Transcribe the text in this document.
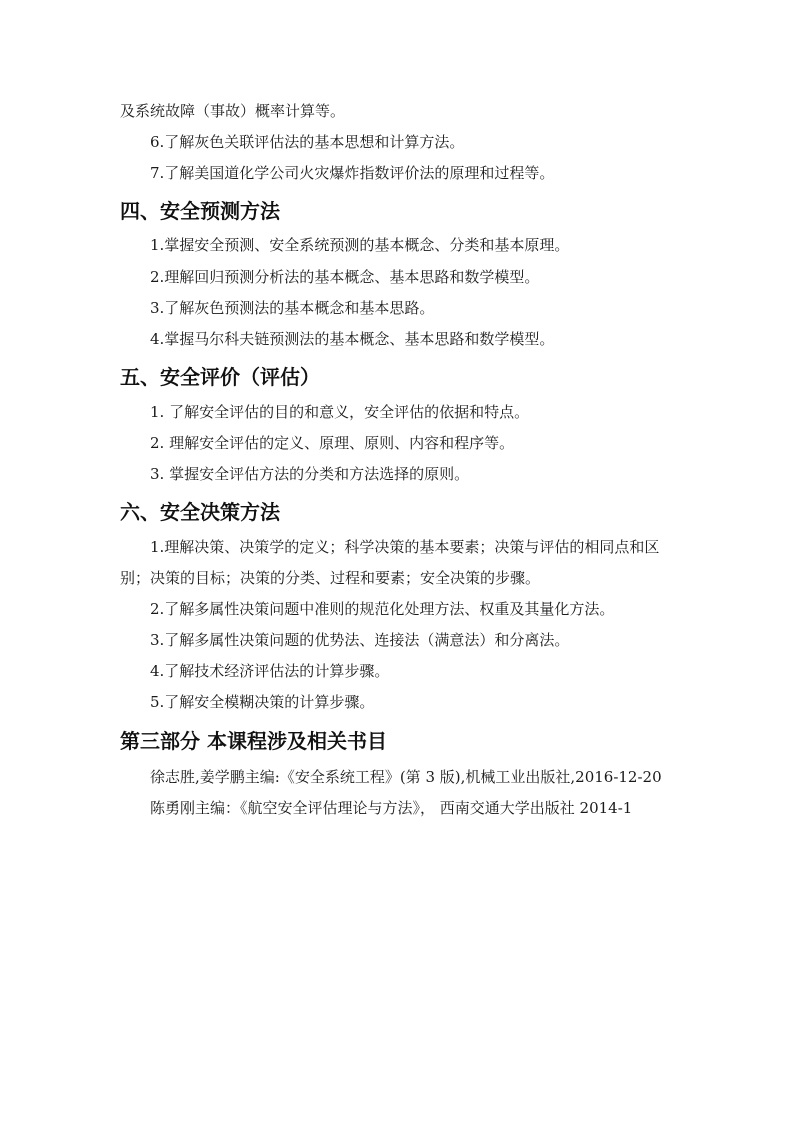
及系统故障（事故）概率计算等。

6.了解灰色关联评估法的基本思想和计算方法。

7.了解美国道化学公司火灾爆炸指数评价法的原理和过程等。

四、安全预测方法

1.掌握安全预测、安全系统预测的基本概念、分类和基本原理。

2.理解回归预测分析法的基本概念、基本思路和数学模型。

3.了解灰色预测法的基本概念和基本思路。

4.掌握马尔科夫链预测法的基本概念、基本思路和数学模型。

五、安全评价（评估）

1. 了解安全评估的目的和意义，安全评估的依据和特点。

2. 理解安全评估的定义、原理、原则、内容和程序等。

3. 掌握安全评估方法的分类和方法选择的原则。

六、安全决策方法

1.理解决策、决策学的定义；科学决策的基本要素；决策与评估的相同点和区别；决策的目标；决策的分类、过程和要素；安全决策的步骤。

2.了解多属性决策问题中准则的规范化处理方法、权重及其量化方法。

3.了解多属性决策问题的优势法、连接法（满意法）和分离法。

4.了解技术经济评估法的计算步骤。

5.了解安全模糊决策的计算步骤。

第三部分 本课程涉及相关书目

徐志胜,姜学鹏主编:《安全系统工程》(第 3 版),机械工业出版社,2016-12-20

陈勇刚主编：《航空安全评估理论与方法》， 西南交通大学出版社 2014-1
